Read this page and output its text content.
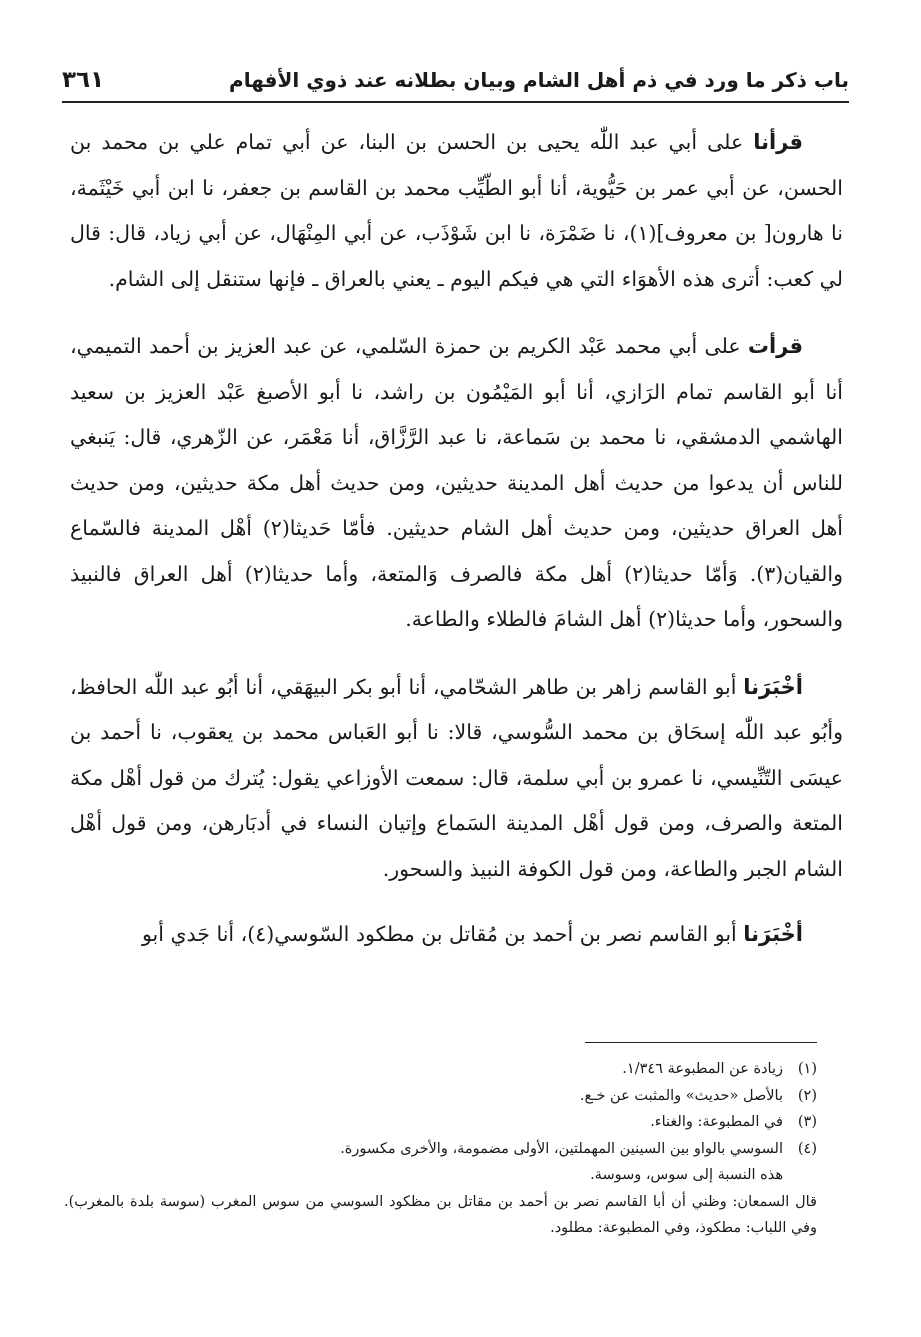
باب ذكر ما ورد في ذم أهل الشام وبيان بطلانه عند ذوي الأفهام
٣٦١

قرأنا على أبي عبد اللّٰه يحيى بن الحسن بن البنا، عن أبي تمام علي بن محمد بن الحسن، عن أبي عمر بن حَيُّوية، أنا أبو الطّيِّب محمد بن القاسم بن جعفر، نا ابن أبي خَيْثَمة، نا هارون[ بن معروف](١)، نا ضَمْرَة، نا ابن شَوْذَب، عن أبي المِنْهَال، عن أبي زياد، قال: قال لي كعب: أترى هذه الأهوَاء التي هي فيكم اليوم ـ يعني بالعراق ـ فإنها ستنقل إلى الشام.

قرأت على أبي محمد عَبْد الكريم بن حمزة السّلمي، عن عبد العزيز بن أحمد التميمي، أنا أبو القاسم تمام الرَازي، أنا أبو المَيْمُون بن راشد، نا أبو الأصبغ عَبْد العزيز بن سعيد الهاشمي الدمشقي، نا محمد بن سَماعة، نا عبد الرَّزَّاق، أنا مَعْمَر، عن الزّهري، قال: يَنبغي للناس أن يدعوا من حديث أهل المدينة حديثين، ومن حديث أهل مكة حديثين، ومن حديث أهل العراق حديثين، ومن حديث أهل الشام حديثين. فأمّا حَديثا(٢) أهْل المدينة فالسّماع والقيان(٣). وَأمّا حديثا(٢) أهل مكة فالصرف وَالمتعة، وأما حديثا(٢) أهل العراق فالنبيذ والسحور، وأما حديثا(٢) أهل الشامَ فالطلاء والطاعة.

أخْبَرَنا أبو القاسم زاهر بن طاهر الشحّامي، أنا أبو بكر البيهَقي، أنا أبُو عبد اللّٰه الحافظ، وأبُو عبد اللّٰه إسحَاق بن محمد السُّوسي، قالا: نا أبو العَباس محمد بن يعقوب، نا أحمد بن عيسَى التّنِّيسي، نا عمرو بن أبي سلمة، قال: سمعت الأوزاعي يقول: يُترك من قول أهْل مكة المتعة والصرف، ومن قول أهْل المدينة السَماع وإتيان النساء في أدبَارهن، ومن قول أهْل الشام الجبر والطاعة، ومن قول الكوفة النبيذ والسحور.

أخْبَرَنا أبو القاسم نصر بن أحمد بن مُقاتل بن مطكود السّوسي(٤)، أنا جَدي أبو

(١)
زيادة عن المطبوعة ١/٣٤٦.
(٢)
بالأصل «حديث» والمثبت عن خـع.
(٣)
في المطبوعة: والغناء.
(٤)
السوسي بالواو بين السينين المهملتين، الأولى مضمومة، والأخرى مكسورة.
هذه النسبة إلى سوس، وسوسة.
قال السمعان: وظني أن أبا القاسم نصر بن أحمد بن مقاتل بن مظكود السوسي من سوس المغرب (سوسة بلدة بالمغرب). وفي اللباب: مطكوذ، وفي المطبوعة: مطلود.
